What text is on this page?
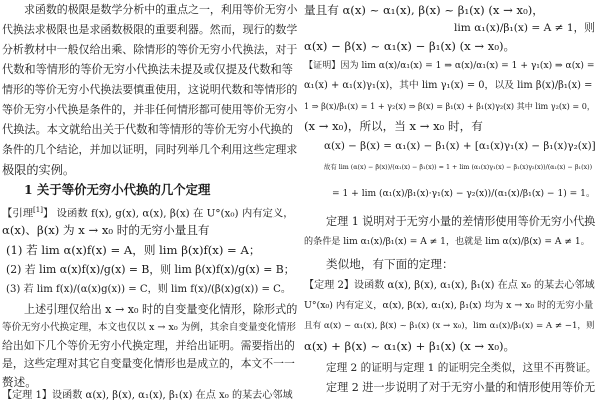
求函数的极限是数学分析中的重点之一，利用等价无穷小
代换法求极限也是求函数极限的重要利器。然而，现行的数学
分析教材中一般仅给出乘、除情形的等价无穷小代换法，对于
代数和等情形的等价无穷小代换法未提及或仅提及代数和等
情形的等价无穷小代换法要慎重使用，这说明代数和等情形的
等价无穷小代换是条件的，并非任何情形都可使用等价无穷小
代换法。本文就给出关于代数和等情形的等价无穷小代换的
条件的几个结论，并加以证明，同时列举几个利用这些定理求
极限的实例。
1 关于等价无穷小代换的几个定理
【引理[1]】 设函数 f(x), g(x), α(x), β(x) 在 U°(x₀) 内有定义，
α(x)、β(x) 为 x → x₀ 时的无穷小量且有
(1) 若 lim α(x)f(x) = A，则 lim β(x)f(x) = A；
(2) 若 lim α(x)f(x)/g(x) = B，则 lim β(x)f(x)/g(x) = B；
(3) 若 lim f(x)/(α(x)g(x)) = C，则 lim f(x)/(β(x)g(x)) = C。
上述引理仅给出 x → x₀ 时的自变量变化情形，除形式的
等价无穷小代换定理，本文也仅以 x → x₀ 为例，其余自变量变化情形
给出如下几个等价无穷小代换定理，并给出证明。需要指出的
是，这些定理对其它自变量变化情形也是成立的，本文不一一
赘述。
【定理 1】设函数 α(x), β(x), α₁(x), β₁(x) 在点 x₀ 的某去心邻域
量且有 α(x) ~ α₁(x), β(x) ~ β₁(x) (x → x₀)，
lim α₁(x)/β₁(x) = A ≠ 1，则
α(x) − β(x) ~ α₁(x) − β₁(x) (x → x₀)。
【证明】因为 lim α(x)/α₁(x) = 1 ⇒ α(x)/α₁(x) = 1 + γ₁(x) ⇒ α(x) =
α₁(x) + α₁(x)γ₁(x)，其中 lim γ₁(x) = 0，以及 lim β(x)/β₁(x) =
1 ⇒ β(x)/β₁(x) = 1 + γ₂(x) ⇒ β(x) = β₁(x) + β₁(x)γ₂(x) 其中 lim γ₂(x) = 0，
(x → x₀)，所以，当 x → x₀ 时，有
α(x) − β(x) = α₁(x) − β₁(x) + [α₁(x)γ₁(x) − β₁(x)γ₂(x)]
故有 lim (α(x) − β(x))/(α₁(x) − β₁(x)) = 1 + lim (α₁(x)γ₁(x) − β₁(x)γ₂(x))/(α₁(x) − β₁(x))
= 1 + lim (α₁(x)/β₁(x)·γ₁(x) − γ₂(x))/(α₁(x)/β₁(x) − 1) = 1。
定理 1 说明对于无穷小量的差情形使用等价无穷小代换
的条件是 lim α₁(x)/β₁(x) = A ≠ 1，也就是 lim α(x)/β(x) = A ≠ 1。
类似地，有下面的定理：
【定理 2】设函数 α(x), β(x), α₁(x), β₁(x) 在点 x₀ 的某去心邻域
U°(x₀) 内有定义，α(x), β(x), α₁(x), β₁(x) 均为 x → x₀ 时的无穷小量
且有 α(x) ~ α₁(x), β(x) ~ β₁(x) (x → x₀)，lim α₁(x)/β₁(x) = A ≠ −1，则
α(x) + β(x) ~ α₁(x) + β₁(x) (x → x₀)。
定理 2 的证明与定理 1 的证明完全类似，这里不再赘证。
定理 2 进一步说明了对于无穷小量的和情形使用等价无
